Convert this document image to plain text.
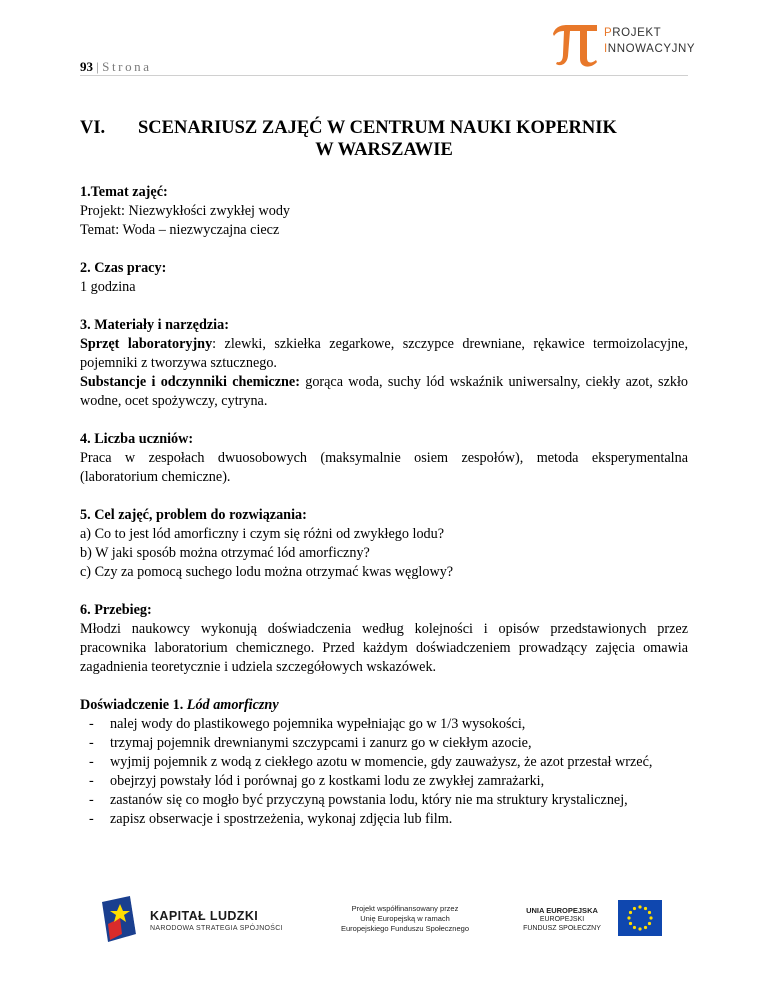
PROJEKT
INNOWACYJNY
93 | Strona
VI. SCENARIUSZ ZAJĘĆ W CENTRUM NAUKI KOPERNIK
W WARSZAWIE

1.Temat zajęć:

Projekt: Niezwykłości zwykłej wody

Temat: Woda – niezwyczajna ciecz

2. Czas pracy:

1 godzina

3. Materiały i narzędzia:

Sprzęt laboratoryjny: zlewki, szkiełka zegarkowe, szczypce drewniane, rękawice termoizolacyjne, pojemniki z tworzywa sztucznego.

Substancje i odczynniki chemiczne: gorąca woda, suchy lód wskaźnik uniwersalny, ciekły azot, szkło wodne, ocet spożywczy, cytryna.

4. Liczba uczniów:

Praca w zespołach dwuosobowych (maksymalnie osiem zespołów), metoda eksperymentalna (laboratorium chemiczne).

5. Cel zajęć, problem do rozwiązania:

a) Co to jest lód amorficzny i czym się różni od zwykłego lodu?

b) W jaki sposób można otrzymać lód amorficzny?

c) Czy za pomocą suchego lodu można otrzymać kwas węglowy?

6. Przebieg:

Młodzi naukowcy wykonują doświadczenia według kolejności i opisów przedstawionych przez pracownika laboratorium chemicznego. Przed każdym doświadczeniem prowadzący zajęcia omawia zagadnienia teoretycznie i udziela szczegółowych wskazówek.

Doświadczenie 1. Lód amorficzny

- nalej wody do plastikowego pojemnika wypełniając go w 1/3 wysokości,
- trzymaj pojemnik drewnianymi szczypcami i zanurz go w ciekłym azocie,
- wyjmij pojemnik z wodą z ciekłego azotu w momencie, gdy zauważysz, że azot przestał wrzeć,
- obejrzyj powstały lód i porównaj go z kostkami lodu ze zwykłej zamrażarki,
- zastanów się co mogło być przyczyną powstania lodu, który nie ma struktury krystalicznej,
- zapisz obserwacje i spostrzeżenia, wykonaj zdjęcia lub film.
KAPITAŁ LUDZKI
NARODOWA STRATEGIA SPÓJNOŚCI
Projekt współfinansowany przez
Unię Europejską w ramach
Europejskiego Funduszu Społecznego
UNIA EUROPEJSKA
EUROPEJSKI
FUNDUSZ SPOŁECZNY
